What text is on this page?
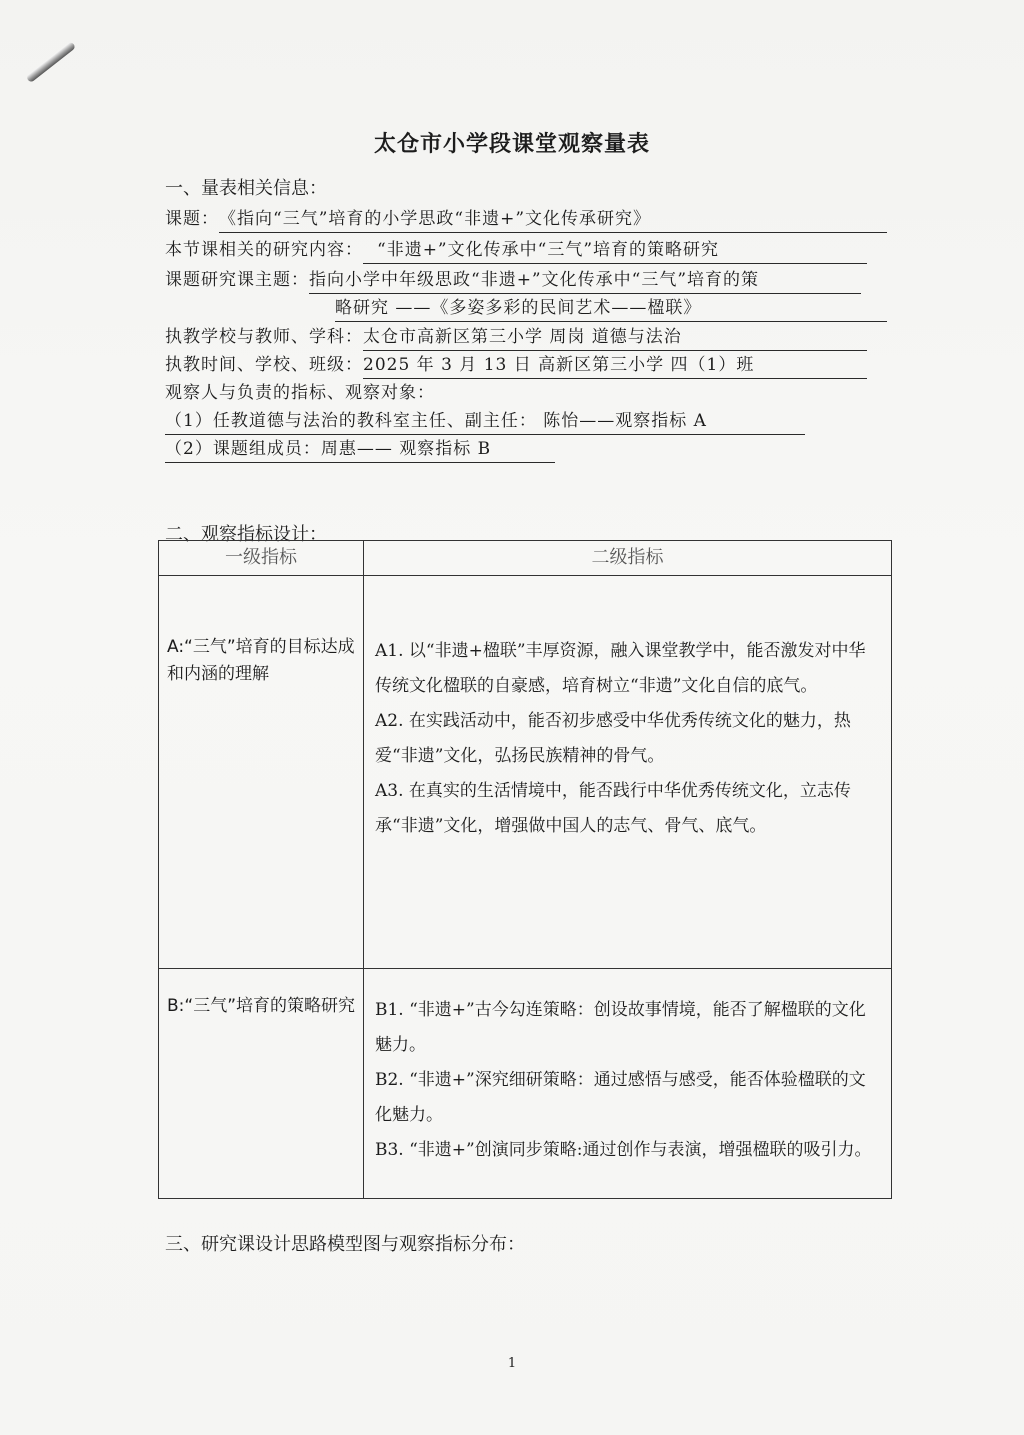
太仓市小学段课堂观察量表
一、量表相关信息：
课题：《指向“三气”培育的小学思政“非遗+”文化传承研究》
本节课相关的研究内容： “非遗+”文化传承中“三气”培育的策略研究
课题研究课主题：指向小学中年级思政“非遗+”文化传承中“三气”培育的策
略研究 ——《多姿多彩的民间艺术——楹联》
执教学校与教师、学科：太仓市高新区第三小学 周岗 道德与法治
执教时间、学校、班级：2025 年 3 月 13 日 高新区第三小学 四（1）班
观察人与负责的指标、观察对象：
（1）任教道德与法治的教科室主任、副主任： 陈怡——观察指标 A
（2）课题组成员：周惠—— 观察指标 B
二、观察指标设计：
一级指标	二级指标
A:“三气”培育的目标达成和内涵的理解	A1. 以“非遗+楹联”丰厚资源，融入课堂教学中，能否激发对中华传统文化楹联的自豪感，培育树立“非遗”文化自信的底气。

A2. 在实践活动中，能否初步感受中华优秀传统文化的魅力，热爱“非遗”文化，弘扬民族精神的骨气。

A3. 在真实的生活情境中，能否践行中华优秀传统文化，立志传承“非遗”文化，增强做中国人的志气、骨气、底气。

B:“三气”培育的策略研究	B1. “非遗+”古今勾连策略：创设故事情境，能否了解楹联的文化魅力。

B2. “非遗+”深究细研策略：通过感悟与感受，能否体验楹联的文化魅力。

B3. “非遗+”创演同步策略:通过创作与表演，增强楹联的吸引力。

三、研究课设计思路模型图与观察指标分布：
1
